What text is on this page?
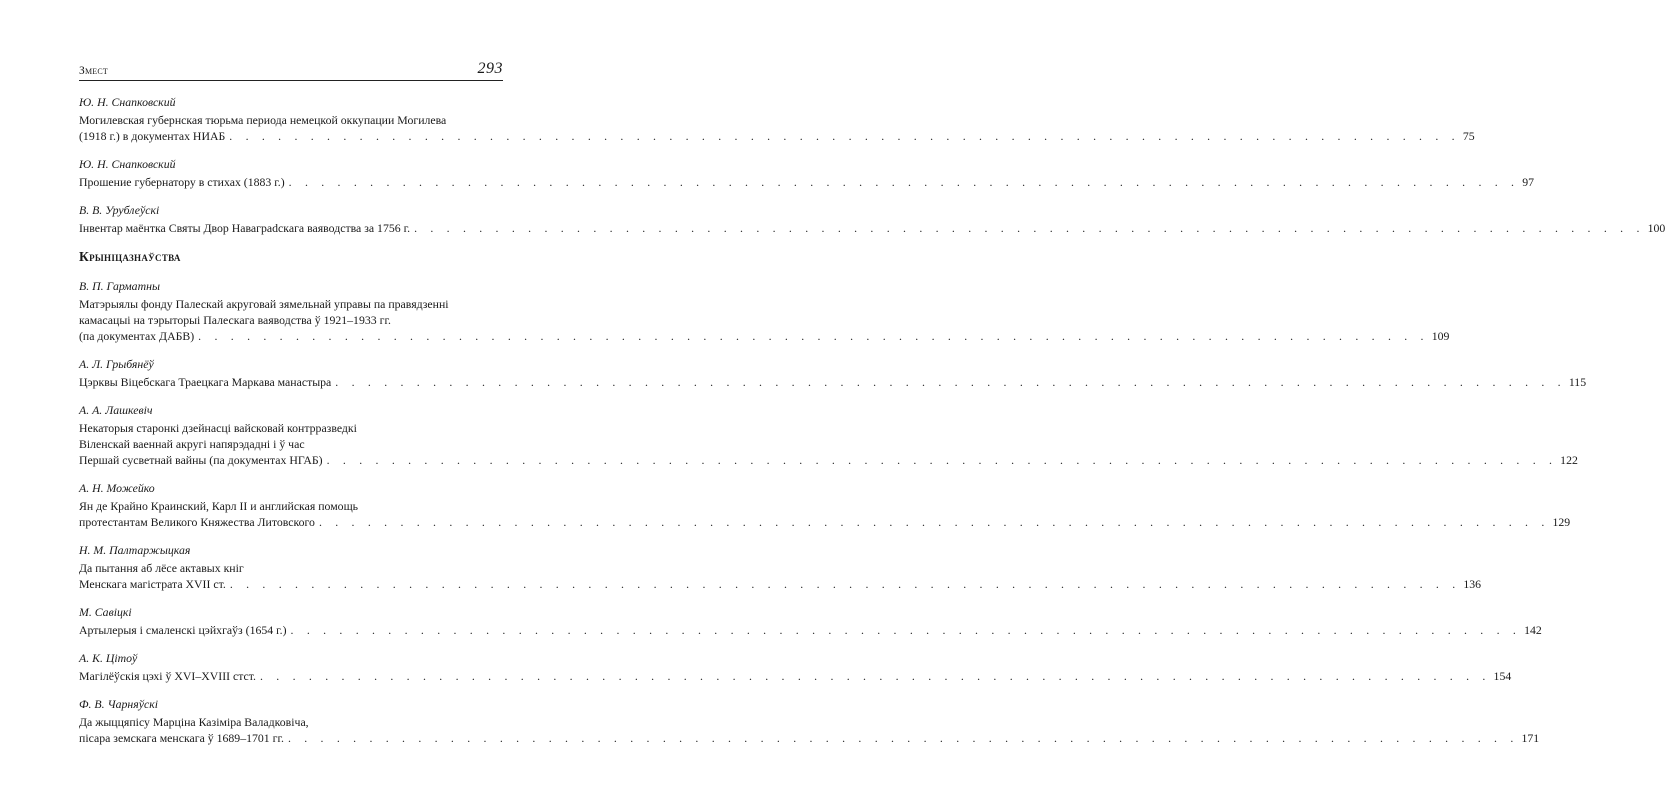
Змест	293
Ю. Н. Снапковский
Могилевская губернская тюрьма периода немецкой оккупации Могилева
(1918 г.) в документах НИАБ . . . . . . . . . . . . . . . . . . . . . . . . . . . . . . . . . . . . . . . . . . . . . . . . . . . . . . . . . . . . . . . . . . . . . . . . . . . . 75
Ю. Н. Снапковский
Прошение губернатору в стихах (1883 г.) . . . . . . . . . . . . . . . . . . . . . . . . . . . . . . . . . . . . . . . . . . . . . . . . . . . . . . . . . . . . . . . . . . . . . . . . . . . . 97
В. В. Урублеўскі
Інвентар маёнтка Святы Двор Навагрadскага ваяводства за 1756 г. . . . . . . . . . . . . . . . . . . . . . . . . . . . . . . . . . . . . . . . . . . . . . . . . . . . . . . . . . . . . . . . . . . . . . . . . . . . . 100
Крыніцазнаўства
В. П. Гарматны
Матэрыялы фонду Палескай акруговай зямельнай управы па правядзенні
камасацыі на тэрыторыі Палескага ваяводства ў 1921–1933 гг.
(па документах ДАБВ) . . . . . . . . . . . . . . . . . . . . . . . . . . . . . . . . . . . . . . . . . . . . . . . . . . . . . . . . . . . . . . . . . . . . . . . . . . . . 109
А. Л. Грыбянёў
Цэрквы Віцебскага Траецкага Маркава манастыра . . . . . . . . . . . . . . . . . . . . . . . . . . . . . . . . . . . . . . . . . . . . . . . . . . . . . . . . . . . . . . . . . . . . . . . . . . . . 115
А. А. Лашкевіч
Некаторыя старонкі дзейнасці вайсковай контрразведкі
Віленскай ваеннай акругі напярэдадні і ў час
Першай сусветнай вайны (па документах НГАБ) . . . . . . . . . . . . . . . . . . . . . . . . . . . . . . . . . . . . . . . . . . . . . . . . . . . . . . . . . . . . . . . . . . . . . . . . . . . . 122
А. Н. Можейко
Ян де Крайно Краинский, Карл II и английская помощь
протестантам Великого Княжества Литовского . . . . . . . . . . . . . . . . . . . . . . . . . . . . . . . . . . . . . . . . . . . . . . . . . . . . . . . . . . . . . . . . . . . . . . . . . . . . 129
Н. М. Палтаржыцкая
Да пытання аб лёсе актавых кніг
Менскага магістрата XVII ст. . . . . . . . . . . . . . . . . . . . . . . . . . . . . . . . . . . . . . . . . . . . . . . . . . . . . . . . . . . . . . . . . . . . . . . . . . . . . 136
М. Савіцкі
Артылерыя і смаленскі цэйхгаўз (1654 г.) . . . . . . . . . . . . . . . . . . . . . . . . . . . . . . . . . . . . . . . . . . . . . . . . . . . . . . . . . . . . . . . . . . . . . . . . . . . . 142
А. К. Цітоў
Магілёўскія цэхі ў XVI–XVIII стст. . . . . . . . . . . . . . . . . . . . . . . . . . . . . . . . . . . . . . . . . . . . . . . . . . . . . . . . . . . . . . . . . . . . . . . . . . . . . 154
Ф. В. Чарняўскі
Да жыццяпісу Марціна Казіміра Валадковіча,
пісара земскага менскага ў 1689–1701 гг. . . . . . . . . . . . . . . . . . . . . . . . . . . . . . . . . . . . . . . . . . . . . . . . . . . . . . . . . . . . . . . . . . . . . . . . . . . . . 171
